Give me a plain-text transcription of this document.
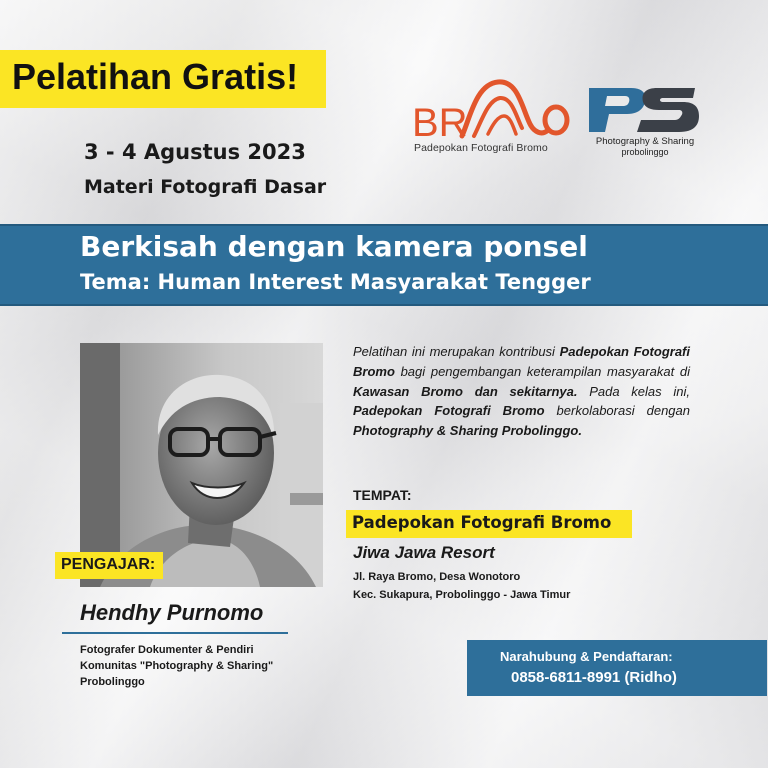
Pelatihan Gratis!
3 - 4 Agustus 2023
Materi Fotografi Dasar
BR
Padepokan Fotografi Bromo
Photography & Sharing
probolinggo
Berkisah dengan kamera ponsel
Tema: Human Interest Masyarakat Tengger
PENGAJAR:
Hendhy Purnomo
Fotografer Dokumenter & Pendiri Komunitas "Photography & Sharing" Probolinggo
Pelatihan ini merupakan kontribusi Padepokan Fotografi Bromo bagi pengembangan keterampilan masyarakat di Kawasan Bromo dan sekitarnya. Pada kelas ini, Padepokan Fotografi Bromo berkolaborasi dengan Photography & Sharing Probolinggo.
TEMPAT:
Padepokan Fotografi Bromo
Jiwa Jawa Resort
Jl. Raya Bromo, Desa Wonotoro
Kec. Sukapura, Probolinggo - Jawa Timur
Narahubung & Pendaftaran:
0858-6811-8991 (Ridho)
